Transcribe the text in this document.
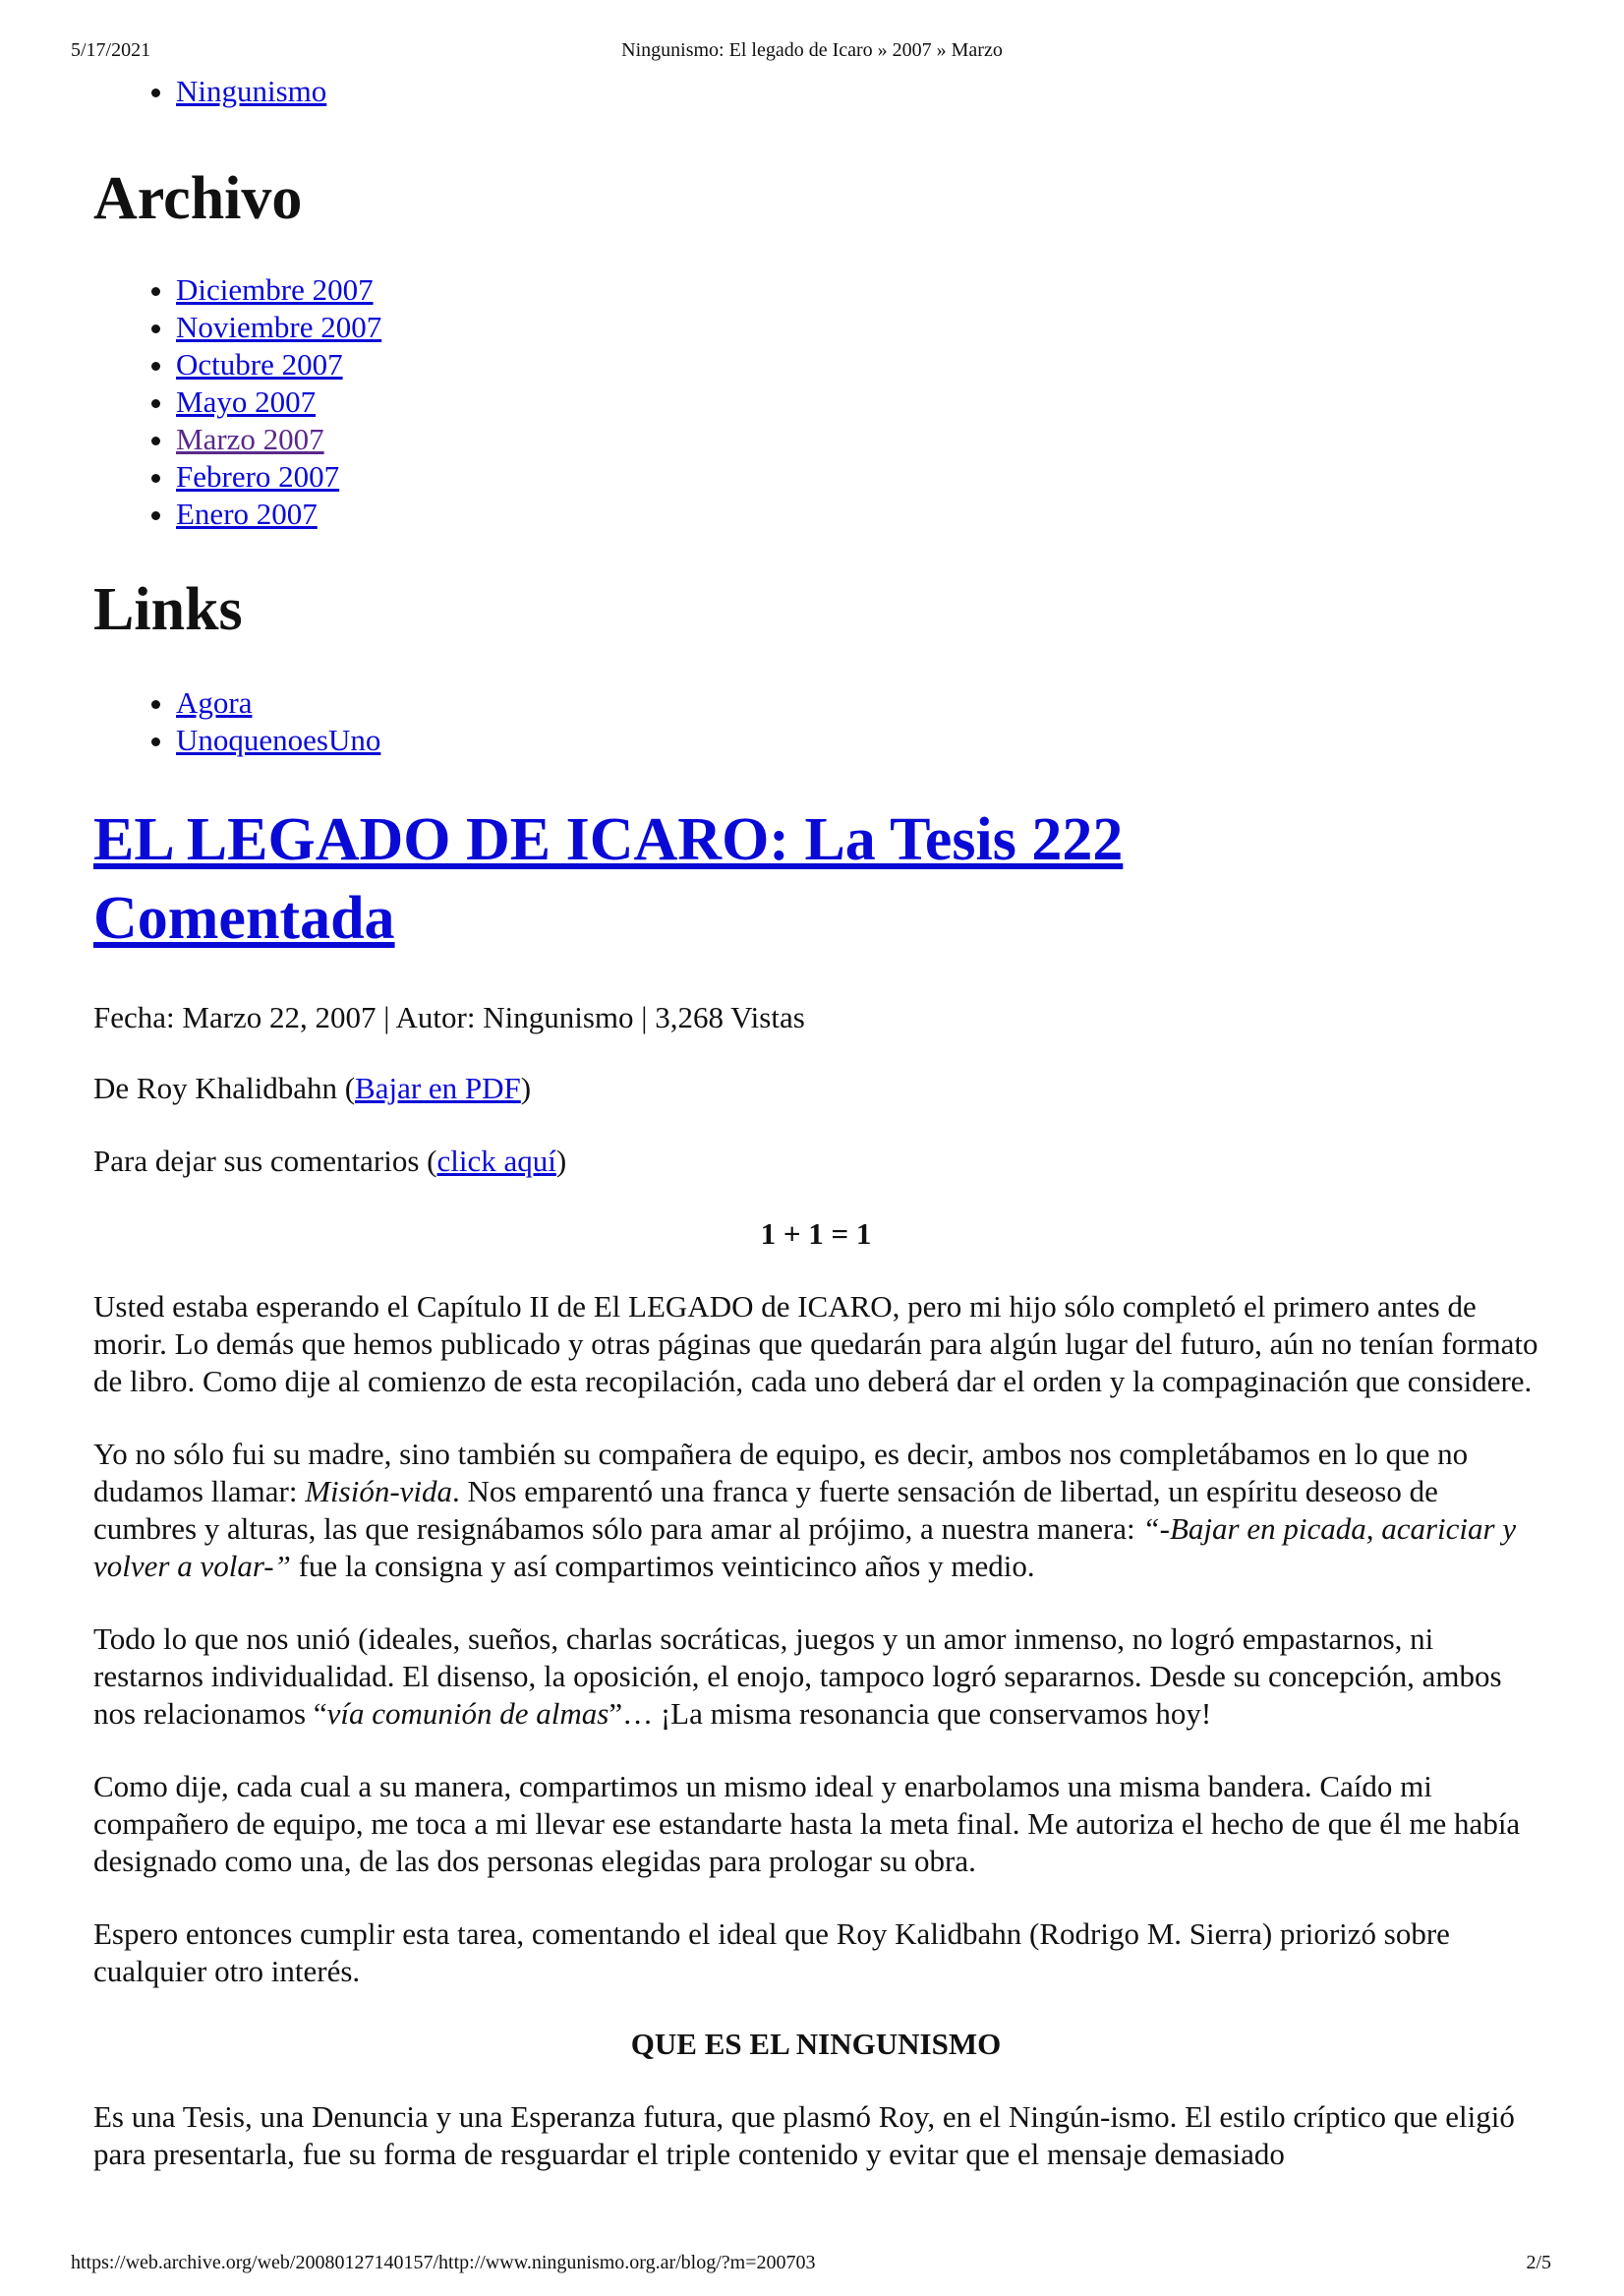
5/17/2021	Ningunismo: El legado de Icaro » 2007 » Marzo
• Ningunismo
Archivo
• Diciembre 2007
• Noviembre 2007
• Octubre 2007
• Mayo 2007
• Marzo 2007
• Febrero 2007
• Enero 2007
Links
• Agora
• UnoquenoesUno
EL LEGADO DE ICARO: La Tesis 222
Comentada

Fecha: Marzo 22, 2007 | Autor: Ningunismo | 3,268 Vistas

De Roy Khalidbahn (Bajar en PDF)

Para dejar sus comentarios (click aquí)

1 + 1 = 1

Usted estaba esperando el Capítulo II de El LEGADO de ICARO, pero mi hijo sólo completó el primero antes de morir. Lo demás que hemos publicado y otras páginas que quedarán para algún lugar del futuro, aún no tenían formato de libro. Como dije al comienzo de esta recopilación, cada uno deberá dar el orden y la compaginación que considere.

Yo no sólo fui su madre, sino también su compañera de equipo, es decir, ambos nos completábamos en lo que no dudamos llamar: Misión-vida. Nos emparentó una franca y fuerte sensación de libertad, un espíritu deseoso de cumbres y alturas, las que resignábamos sólo para amar al prójimo, a nuestra manera: “-Bajar en picada, acariciar y volver a volar-” fue la consigna y así compartimos veinticinco años y medio.

Todo lo que nos unió (ideales, sueños, charlas socráticas, juegos y un amor inmenso, no logró empastarnos, ni restarnos individualidad. El disenso, la oposición, el enojo, tampoco logró separarnos. Desde su concepción, ambos nos relacionamos “vía comunión de almas”… ¡La misma resonancia que conservamos hoy!

Como dije, cada cual a su manera, compartimos un mismo ideal y enarbolamos una misma bandera. Caído mi compañero de equipo, me toca a mi llevar ese estandarte hasta la meta final. Me autoriza el hecho de que él me había designado como una, de las dos personas elegidas para prologar su obra.

Espero entonces cumplir esta tarea, comentando el ideal que Roy Kalidbahn (Rodrigo M. Sierra) priorizó sobre cualquier otro interés.

QUE ES EL NINGUNISMO

Es una Tesis, una Denuncia y una Esperanza futura, que plasmó Roy, en el Ningún-ismo. El estilo críptico que eligió para presentarla, fue su forma de resguardar el triple contenido y evitar que el mensaje demasiado

https://web.archive.org/web/20080127140157/http://www.ningunismo.org.ar/blog/?m=200703	2/5
